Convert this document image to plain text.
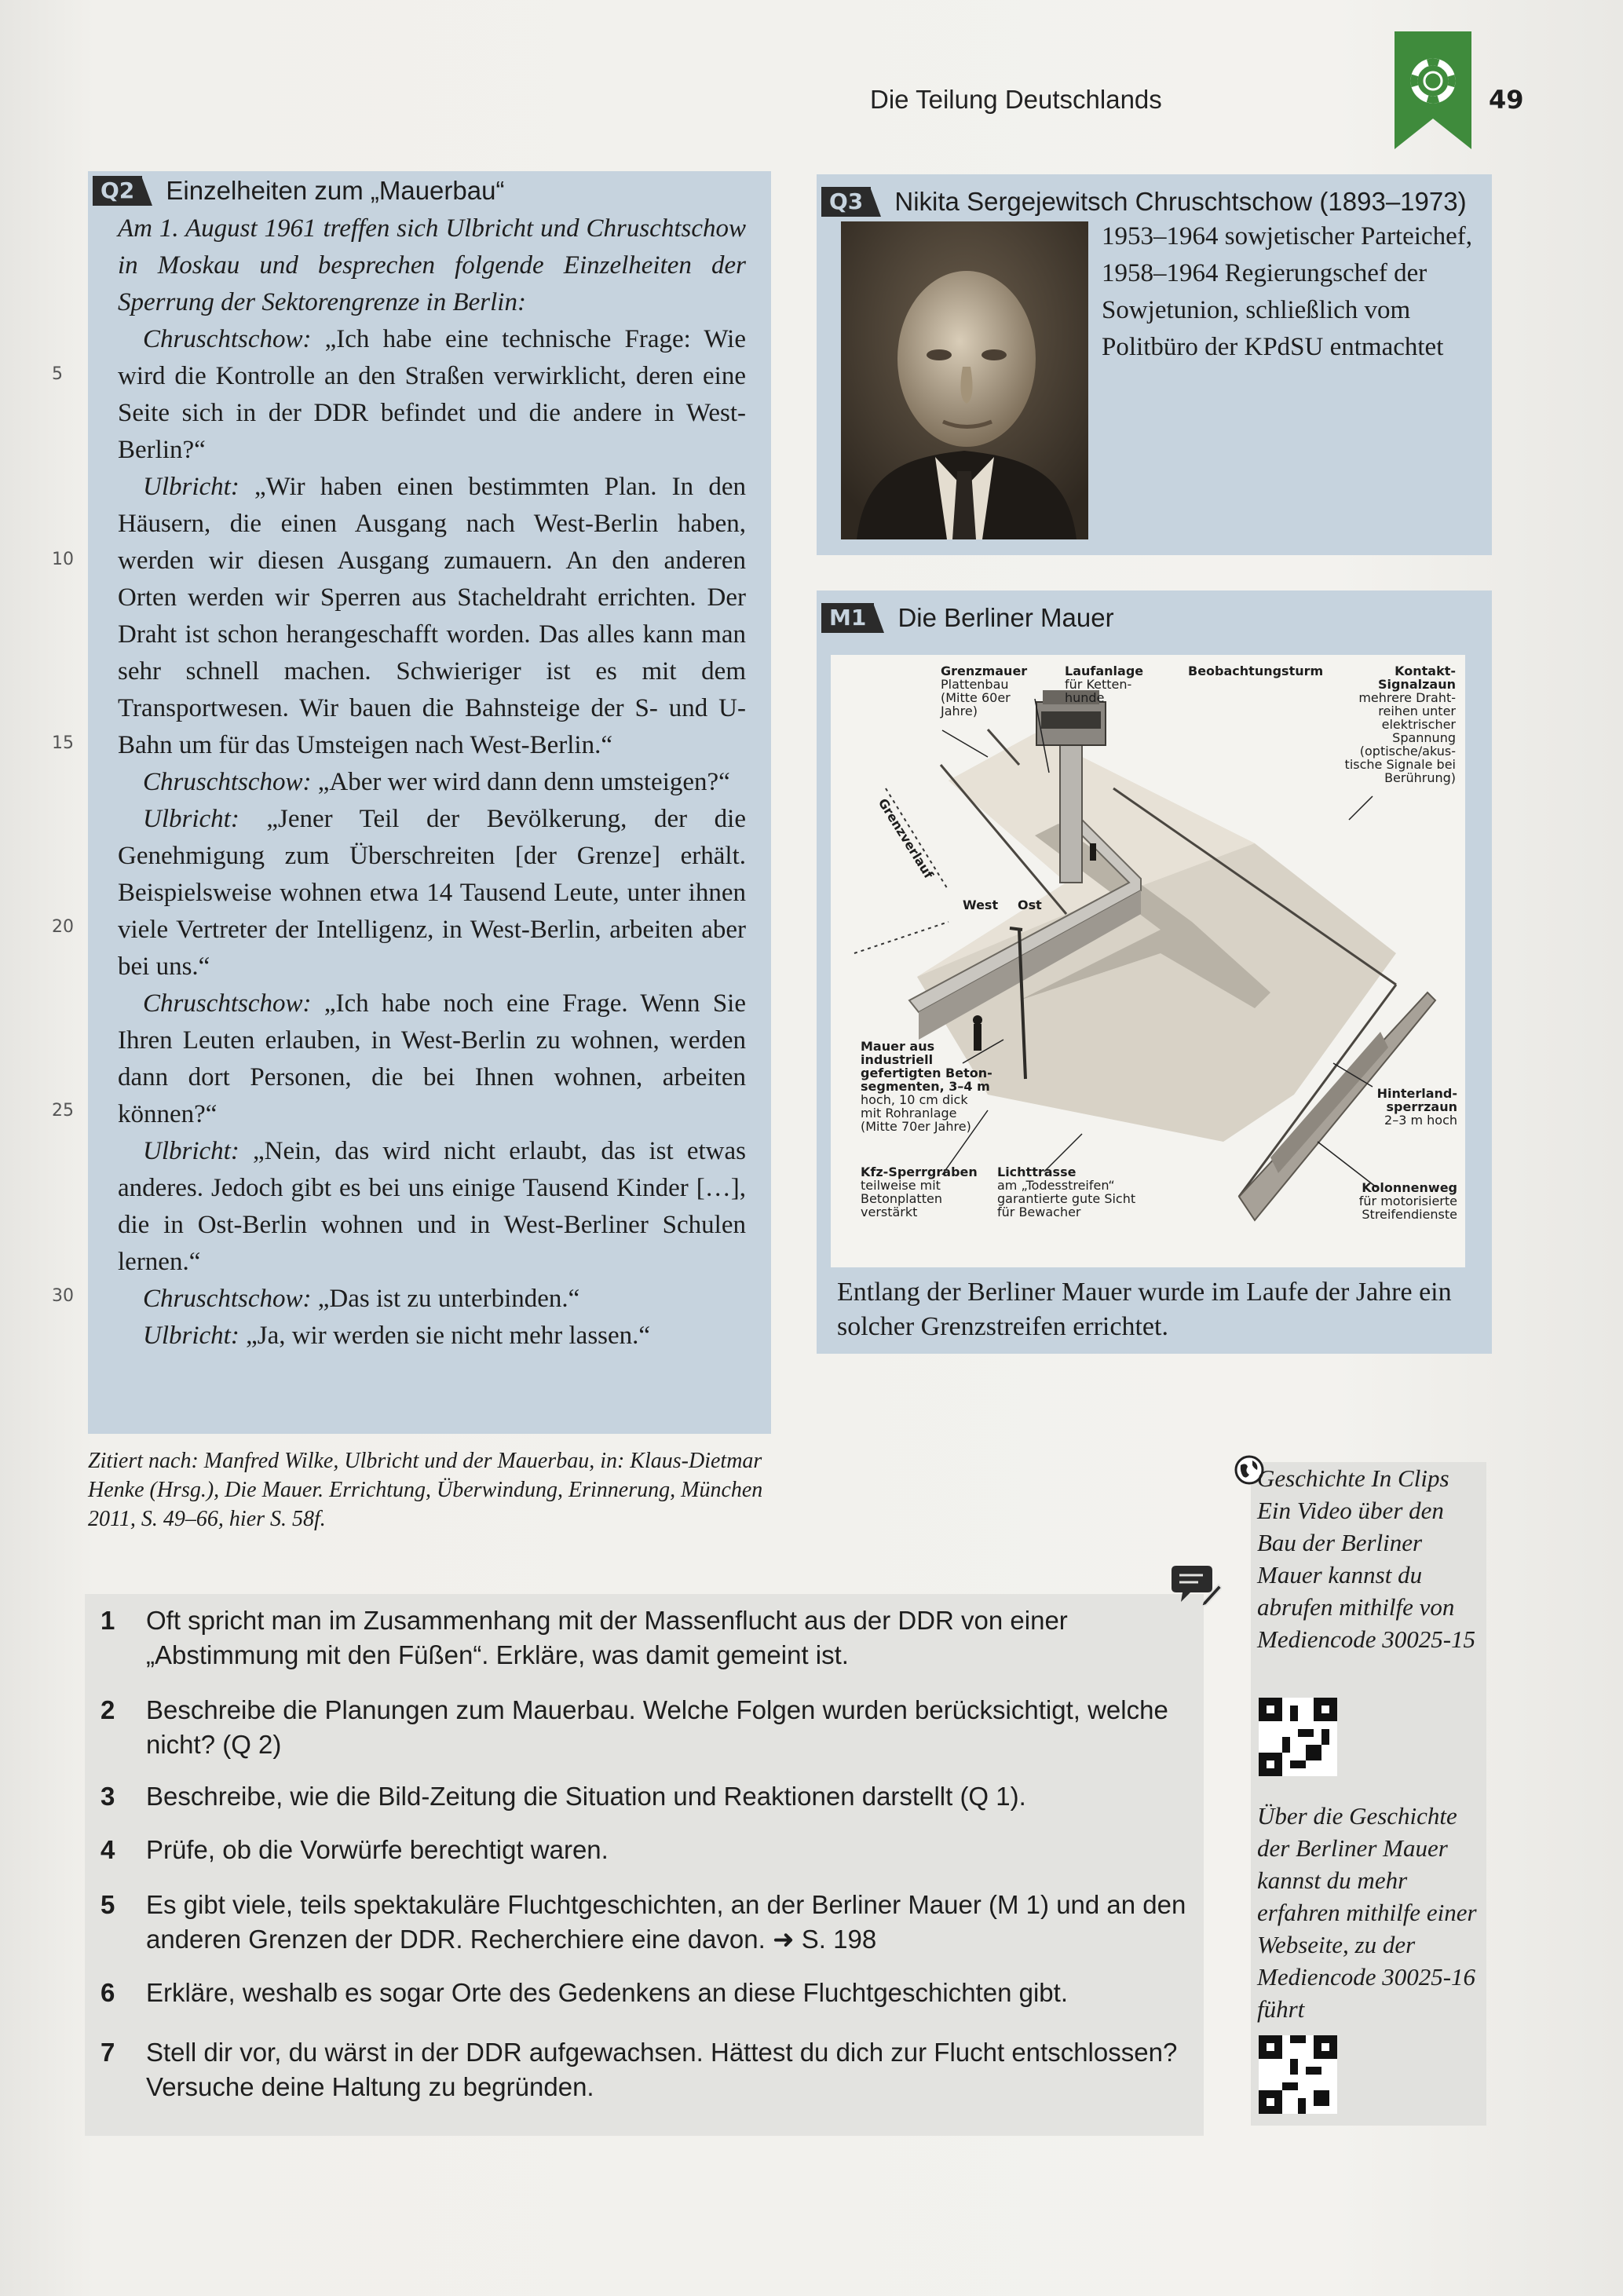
Die Teilung Deutschlands	49
Q2 Einzelheiten zum „Mauerbau“

Am 1. August 1961 treffen sich Ulbricht und Chruschtschow in Moskau und besprechen folgende Einzelheiten der Sperrung der Sektorengrenze in Berlin:

Chruschtschow: „Ich habe eine technische Frage: Wie wird die Kontrolle an den Straßen verwirklicht, deren eine Seite sich in der DDR befindet und die andere in West-Berlin?“

Ulbricht: „Wir haben einen bestimmten Plan. In den Häusern, die einen Ausgang nach West-Berlin haben, werden wir diesen Ausgang zumauern. An den anderen Orten werden wir Sperren aus Stacheldraht errichten. Der Draht ist schon herangeschafft worden. Das alles kann man sehr schnell machen. Schwieriger ist es mit dem Transportwesen. Wir bauen die Bahnsteige der S- und U-Bahn um für das Umsteigen nach West-Berlin.“

Chruschtschow: „Aber wer wird dann denn umsteigen?“

Ulbricht: „Jener Teil der Bevölkerung, der die Genehmigung zum Überschreiten [der Grenze] erhält. Beispielsweise wohnen etwa 14 Tausend Leute, unter ihnen viele Vertreter der Intelligenz, in West-Berlin, arbeiten aber bei uns.“

Chruschtschow: „Ich habe noch eine Frage. Wenn Sie Ihren Leuten erlauben, in West-Berlin zu wohnen, werden dann dort Personen, die bei Ihnen wohnen, arbeiten können?“

Ulbricht: „Nein, das wird nicht erlaubt, das ist etwas anderes. Jedoch gibt es bei uns einige Tausend Kinder […], die in Ost-Berlin wohnen und in West-Berliner Schulen lernen.“

Chruschtschow: „Das ist zu unterbinden.“

Ulbricht: „Ja, wir werden sie nicht mehr lassen.“

5
10
15
20
25
30
Zitiert nach: Manfred Wilke, Ulbricht und der Mauerbau, in: Klaus-Dietmar Henke (Hrsg.), Die Mauer. Errichtung, Überwindung, Erinnerung, München 2011, S. 49–66, hier S. 58f.
Q3 Nikita Sergejewitsch Chruschtschow (1893–1973)
1953–1964 sowjetischer Parteichef, 1958–1964 Regierungschef der Sowjetunion, schließlich vom Politbüro der KPdSU entmachtet
M1 Die Berliner Mauer
Grenzmauer
Plattenbau
(Mitte 60er
Jahre)
Laufanlage
für Ketten-
hunde
Beobachtungsturm	Kontakt-
Signalzaun
mehrere Draht-
reihen unter
elektrischer
Spannung
(optische/akus-
tische Signale bei
Berührung)
Grenzverlauf
West Ost
Mauer aus
industriell
gefertigten Beton-
segmenten, 3–4 m
hoch, 10 cm dick
mit Rohranlage
(Mitte 70er Jahre)
Hinterland-
sperrzaun
2–3 m hoch
Kfz-Sperrgraben
teilweise mit
Betonplatten
verstärkt
Lichttrasse
am „Todesstreifen“
garantierte gute Sicht
für Bewacher
Kolonnenweg
für motorisierte
Streifendienste
Entlang der Berliner Mauer wurde im Laufe der Jahre ein solcher Grenzstreifen errichtet.
1	Oft spricht man im Zusammenhang mit der Massenflucht aus der DDR von einer „Abstimmung mit den Füßen“. Erkläre, was damit gemeint ist.
2	Beschreibe die Planungen zum Mauerbau. Welche Folgen wurden berücksichtigt, welche nicht? (Q 2)
3	Beschreibe, wie die Bild-Zeitung die Situation und Reaktionen darstellt (Q 1).
4	Prüfe, ob die Vorwürfe berechtigt waren.
5	Es gibt viele, teils spektakuläre Fluchtgeschichten, an der Berliner Mauer (M 1) und an den anderen Grenzen der DDR. Recherchiere eine davon. ➜ S. 198
6	Erkläre, weshalb es sogar Orte des Gedenkens an diese Fluchtgeschichten gibt.
7	Stell dir vor, du wärst in der DDR aufgewachsen. Hättest du dich zur Flucht entschlossen? Versuche deine Haltung zu begründen.
Geschichte In Clips Ein Video über den Bau der Berliner Mauer kannst du abrufen mithilfe von Mediencode 30025-15
Über die Geschichte der Berliner Mauer kannst du mehr erfahren mithilfe einer Webseite, zu der Mediencode 30025-16 führt
